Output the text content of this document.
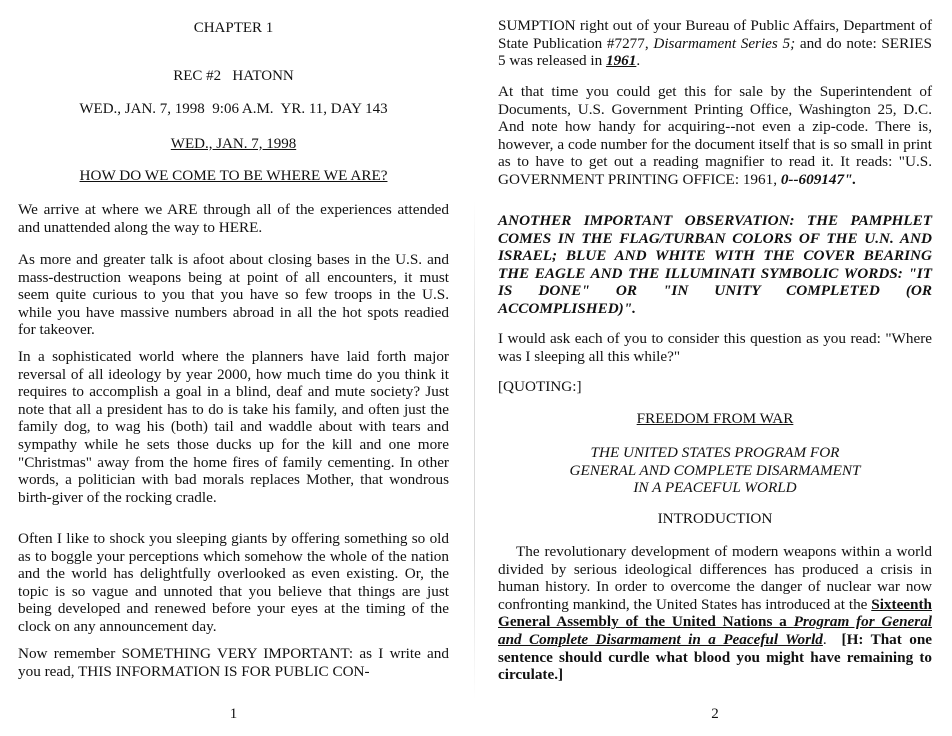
CHAPTER 1

REC #2   HATONN

WED., JAN. 7, 1998  9:06 A.M.  YR. 11, DAY 143

WED., JAN. 7, 1998

HOW DO WE COME TO BE WHERE WE ARE?

We arrive at where we ARE through all of the experiences attended and unattended along the way to HERE.

As more and greater talk is afoot about closing bases in the U.S. and mass-destruction weapons being at point of all encounters, it must seem quite curious to you that you have so few troops in the U.S. while you have massive numbers abroad in all the hot spots readied for takeover.

In a sophisticated world where the planners have laid forth major reversal of all ideology by year 2000, how much time do you think it requires to accomplish a goal in a blind, deaf and mute society? Just note that all a president has to do is take his family, and often just the family dog, to wag his (both) tail and waddle about with tears and sympathy while he sets those ducks up for the kill and one more "Christmas" away from the home fires of family cementing. In other words, a politician with bad morals replaces Mother, that wondrous birth-giver of the rocking cradle.

Often I like to shock you sleeping giants by offering something so old as to boggle your perceptions which somehow the whole of the nation and the world has delightfully overlooked as even existing. Or, the topic is so vague and unnoted that you believe that things are just being developed and renewed before your eyes at the timing of the clock on any announcement day.

Now remember SOMETHING VERY IMPORTANT: as I write and you read, THIS INFORMATION IS FOR PUBLIC CON-

1

SUMPTION right out of your Bureau of Public Affairs, Department of State Publication #7277, Disarmament Series 5; and do note: SERIES 5 was released in 1961.

At that time you could get this for sale by the Superintendent of Documents, U.S. Government Printing Office, Washington 25, D.C. And note how handy for acquiring--not even a zip-code. There is, however, a code number for the document itself that is so small in print as to have to get out a reading magnifier to read it. It reads: "U.S. GOVERNMENT PRINTING OFFICE: 1961, 0--609147".

ANOTHER IMPORTANT OBSERVATION: THE PAMPHLET COMES IN THE FLAG/TURBAN COLORS OF THE U.N. AND ISRAEL; BLUE AND WHITE WITH THE COVER BEARING THE EAGLE AND THE ILLUMINATI SYMBOLIC WORDS: "IT IS DONE" OR "IN UNITY COMPLETED (OR ACCOMPLISHED)".

I would ask each of you to consider this question as you read: "Where was I sleeping all this while?"

[QUOTING:]

FREEDOM FROM WAR

THE UNITED STATES PROGRAM FOR

GENERAL AND COMPLETE DISARMAMENT

IN A PEACEFUL WORLD

INTRODUCTION

The revolutionary development of modern weapons within a world divided by serious ideological differences has produced a crisis in human history. In order to overcome the danger of nuclear war now confronting mankind, the United States has introduced at the Sixteenth General Assembly of the United Nations a Program for General and Complete Disarmament in a Peaceful World. [H: That one sentence should curdle what blood you might have remaining to circulate.]

2
